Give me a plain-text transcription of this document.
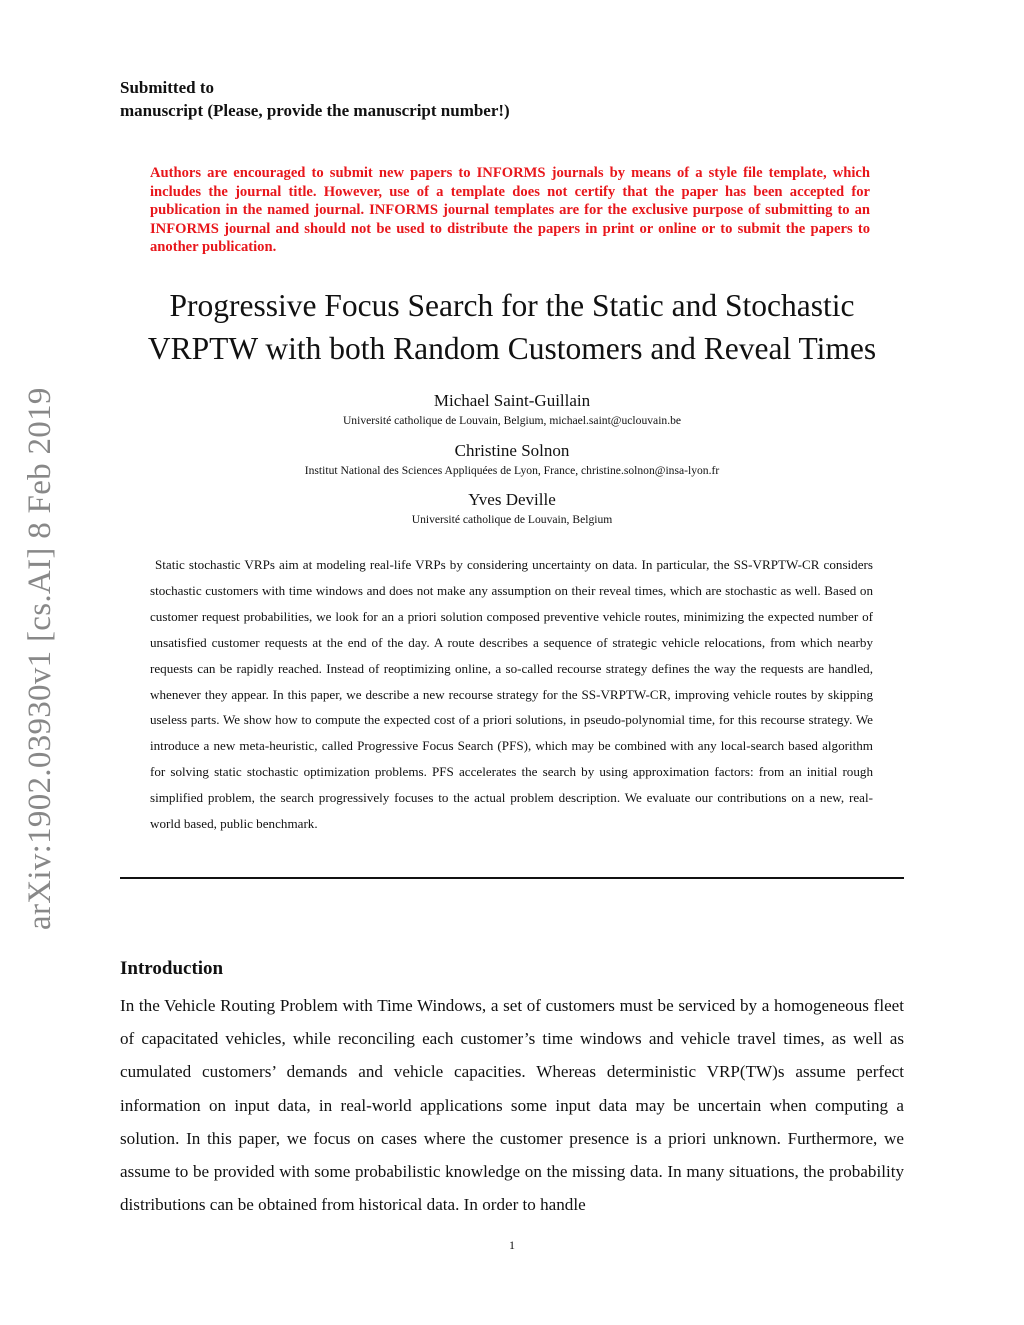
Submitted to
manuscript (Please, provide the manuscript number!)
Authors are encouraged to submit new papers to INFORMS journals by means of a style file template, which includes the journal title. However, use of a template does not certify that the paper has been accepted for publication in the named journal. INFORMS journal templates are for the exclusive purpose of submitting to an INFORMS journal and should not be used to distribute the papers in print or online or to submit the papers to another publication.
Progressive Focus Search for the Static and Stochastic
VRPTW with both Random Customers and Reveal Times
Michael Saint-Guillain
Université catholique de Louvain, Belgium, michael.saint@uclouvain.be
Christine Solnon
Institut National des Sciences Appliquées de Lyon, France, christine.solnon@insa-lyon.fr
Yves Deville
Université catholique de Louvain, Belgium

Static stochastic VRPs aim at modeling real-life VRPs by considering uncertainty on data. In particular, the SS-VRPTW-CR considers stochastic customers with time windows and does not make any assumption on their reveal times, which are stochastic as well. Based on customer request probabilities, we look for an a priori solution composed preventive vehicle routes, minimizing the expected number of unsatisfied customer requests at the end of the day. A route describes a sequence of strategic vehicle relocations, from which nearby requests can be rapidly reached. Instead of reoptimizing online, a so-called recourse strategy defines the way the requests are handled, whenever they appear. In this paper, we describe a new recourse strategy for the SS-VRPTW-CR, improving vehicle routes by skipping useless parts. We show how to compute the expected cost of a priori solutions, in pseudo-polynomial time, for this recourse strategy. We introduce a new meta-heuristic, called Progressive Focus Search (PFS), which may be combined with any local-search based algorithm for solving static stochastic optimization problems. PFS accelerates the search by using approximation factors: from an initial rough simplified problem, the search progressively focuses to the actual problem description. We evaluate our contributions on a new, real-world based, public benchmark.

arXiv:1902.03930v1 [cs.AI] 8 Feb 2019
Introduction

In the Vehicle Routing Problem with Time Windows, a set of customers must be serviced by a homogeneous fleet of capacitated vehicles, while reconciling each customer’s time windows and vehicle travel times, as well as cumulated customers’ demands and vehicle capacities. Whereas deterministic VRP(TW)s assume perfect information on input data, in real-world applications some input data may be uncertain when computing a solution. In this paper, we focus on cases where the customer presence is a priori unknown. Furthermore, we assume to be provided with some probabilistic knowledge on the missing data. In many situations, the probability distributions can be obtained from historical data. In order to handle

1
